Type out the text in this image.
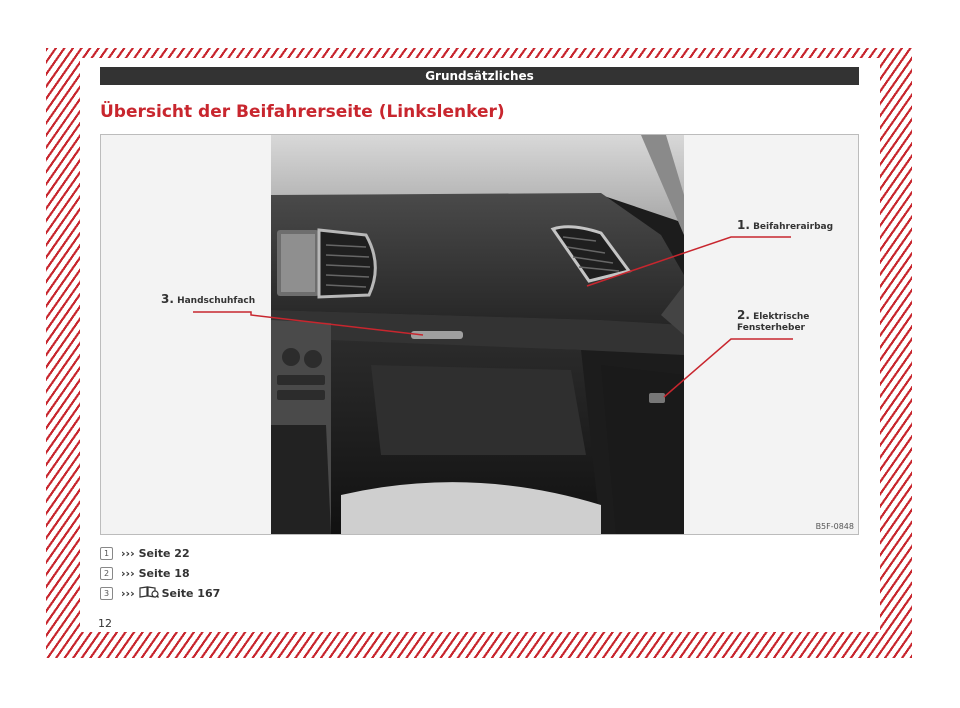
Grundsätzliches
Übersicht der Beifahrerseite (Linkslenker)
1. Beifahrerairbag
2. Elektrische
Fensterheber
3. Handschuhfach
B5F-0848
1	››› Seite 22
2	››› Seite 18
3	››› Seite 167
12
